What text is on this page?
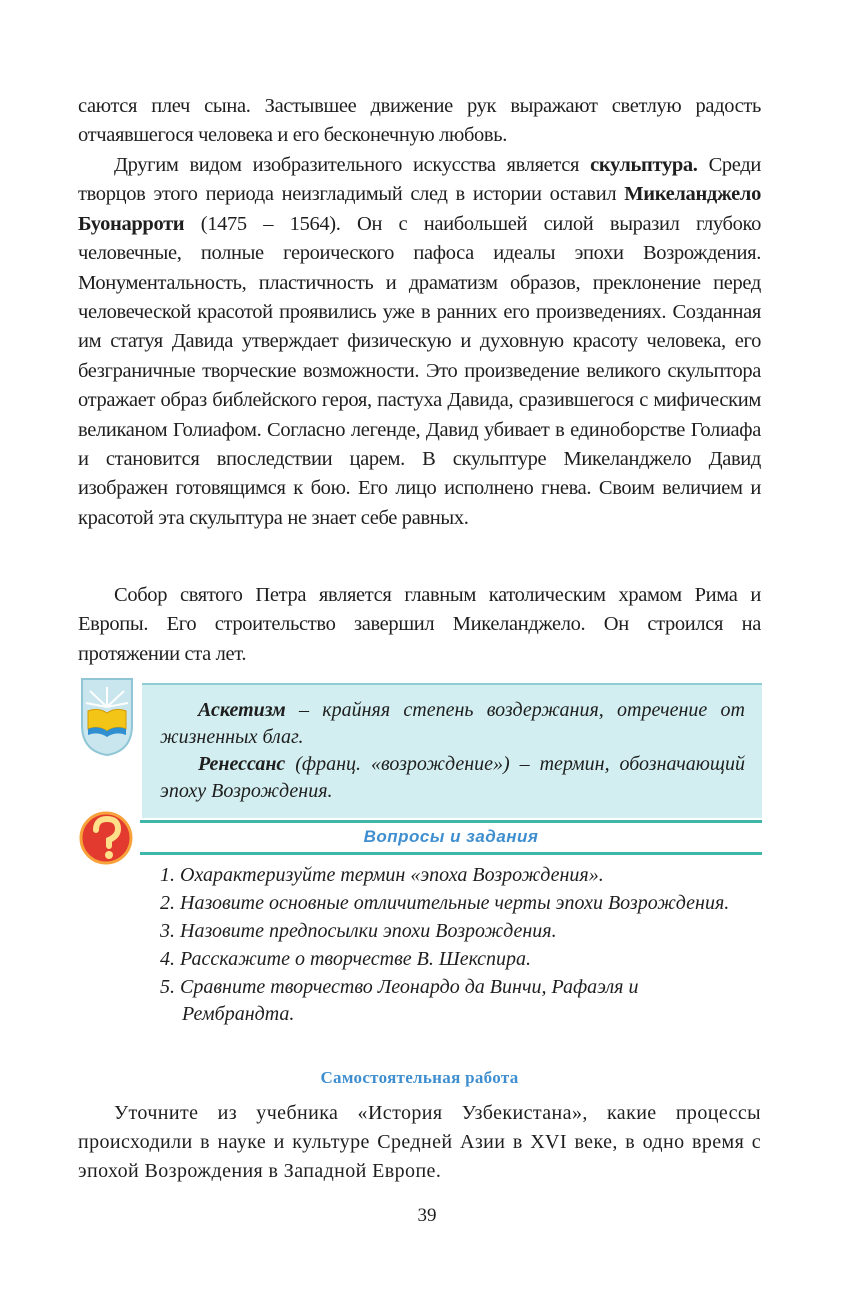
саются плеч сына. Застывшее движение рук выражают светлую радость отчаявшегося человека и его бесконечную любовь.

Другим видом изобразительного искусства является скульптура. Среди творцов этого периода неизгладимый след в истории оставил Микеланджело Буонарроти (1475 – 1564). Он с наибольшей силой выразил глубоко человечные, полные героического пафоса идеалы эпохи Возрождения. Монументальность, пластичность и драматизм образов, преклонение перед человеческой красотой проявились уже в ранних его произведениях. Созданная им статуя Давида утверждает физическую и духовную красоту человека, его безграничные творческие возможности. Это произведение великого скульптора отражает образ библейского героя, пастуха Давида, сразившегося с мифическим великаном Голиафом. Согласно легенде, Давид убивает в единоборстве Голиафа и становится впоследствии царем. В скульптуре Микеланджело Давид изображен готовящимся к бою. Его лицо исполнено гнева. Своим величием и красотой эта скульптура не знает себе равных.

Собор святого Петра является главным католическим храмом Рима и Европы. Его строительство завершил Микеланджело. Он строился на протяжении ста лет.

Аскетизм – крайняя степень воздержания, отречение от жизненных благ.

Ренессанс (франц. «возрождение») – термин, обозначающий эпоху Возрождения.

Вопросы и задания
1. Охарактеризуйте термин «эпоха Возрождения».
2. Назовите основные отличительные черты эпохи Возрождения.
3. Назовите предпосылки эпохи Возрождения.
4. Расскажите о творчестве В. Шекспира.
5. Сравните творчество Леонардо да Винчи, Рафаэля и Рембрандта.
Самостоятельная работа

Уточните из учебника «История Узбекистана», какие процессы происходили в науке и культуре Средней Азии в XVI веке, в одно время с эпохой Возрождения в Западной Европе.

39
